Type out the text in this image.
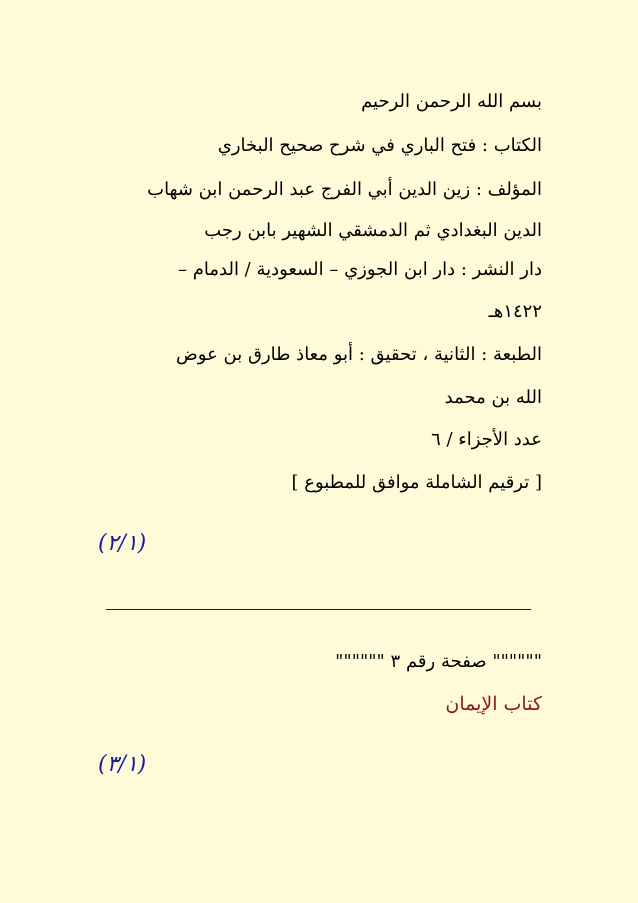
بسم الله الرحمن الرحيم
الكتاب : فتح الباري في شرح صحيح البخاري
المؤلف : زين الدين أبي الفرج عبد الرحمن ابن شهاب
الدين البغدادي ثم الدمشقي الشهير بابن رجب
دار النشر : دار ابن الجوزي – السعودية / الدمام –
١٤٢٢هـ
الطبعة : الثانية ، تحقيق : أبو معاذ طارق بن عوض
الله بن محمد
عدد الأجزاء / ٦
[ ترقيم الشاملة موافق للمطبوع ]
(٢/١)
"""""" صفحة رقم ٣ """"""
كتاب الإيمان
(٣/١)
